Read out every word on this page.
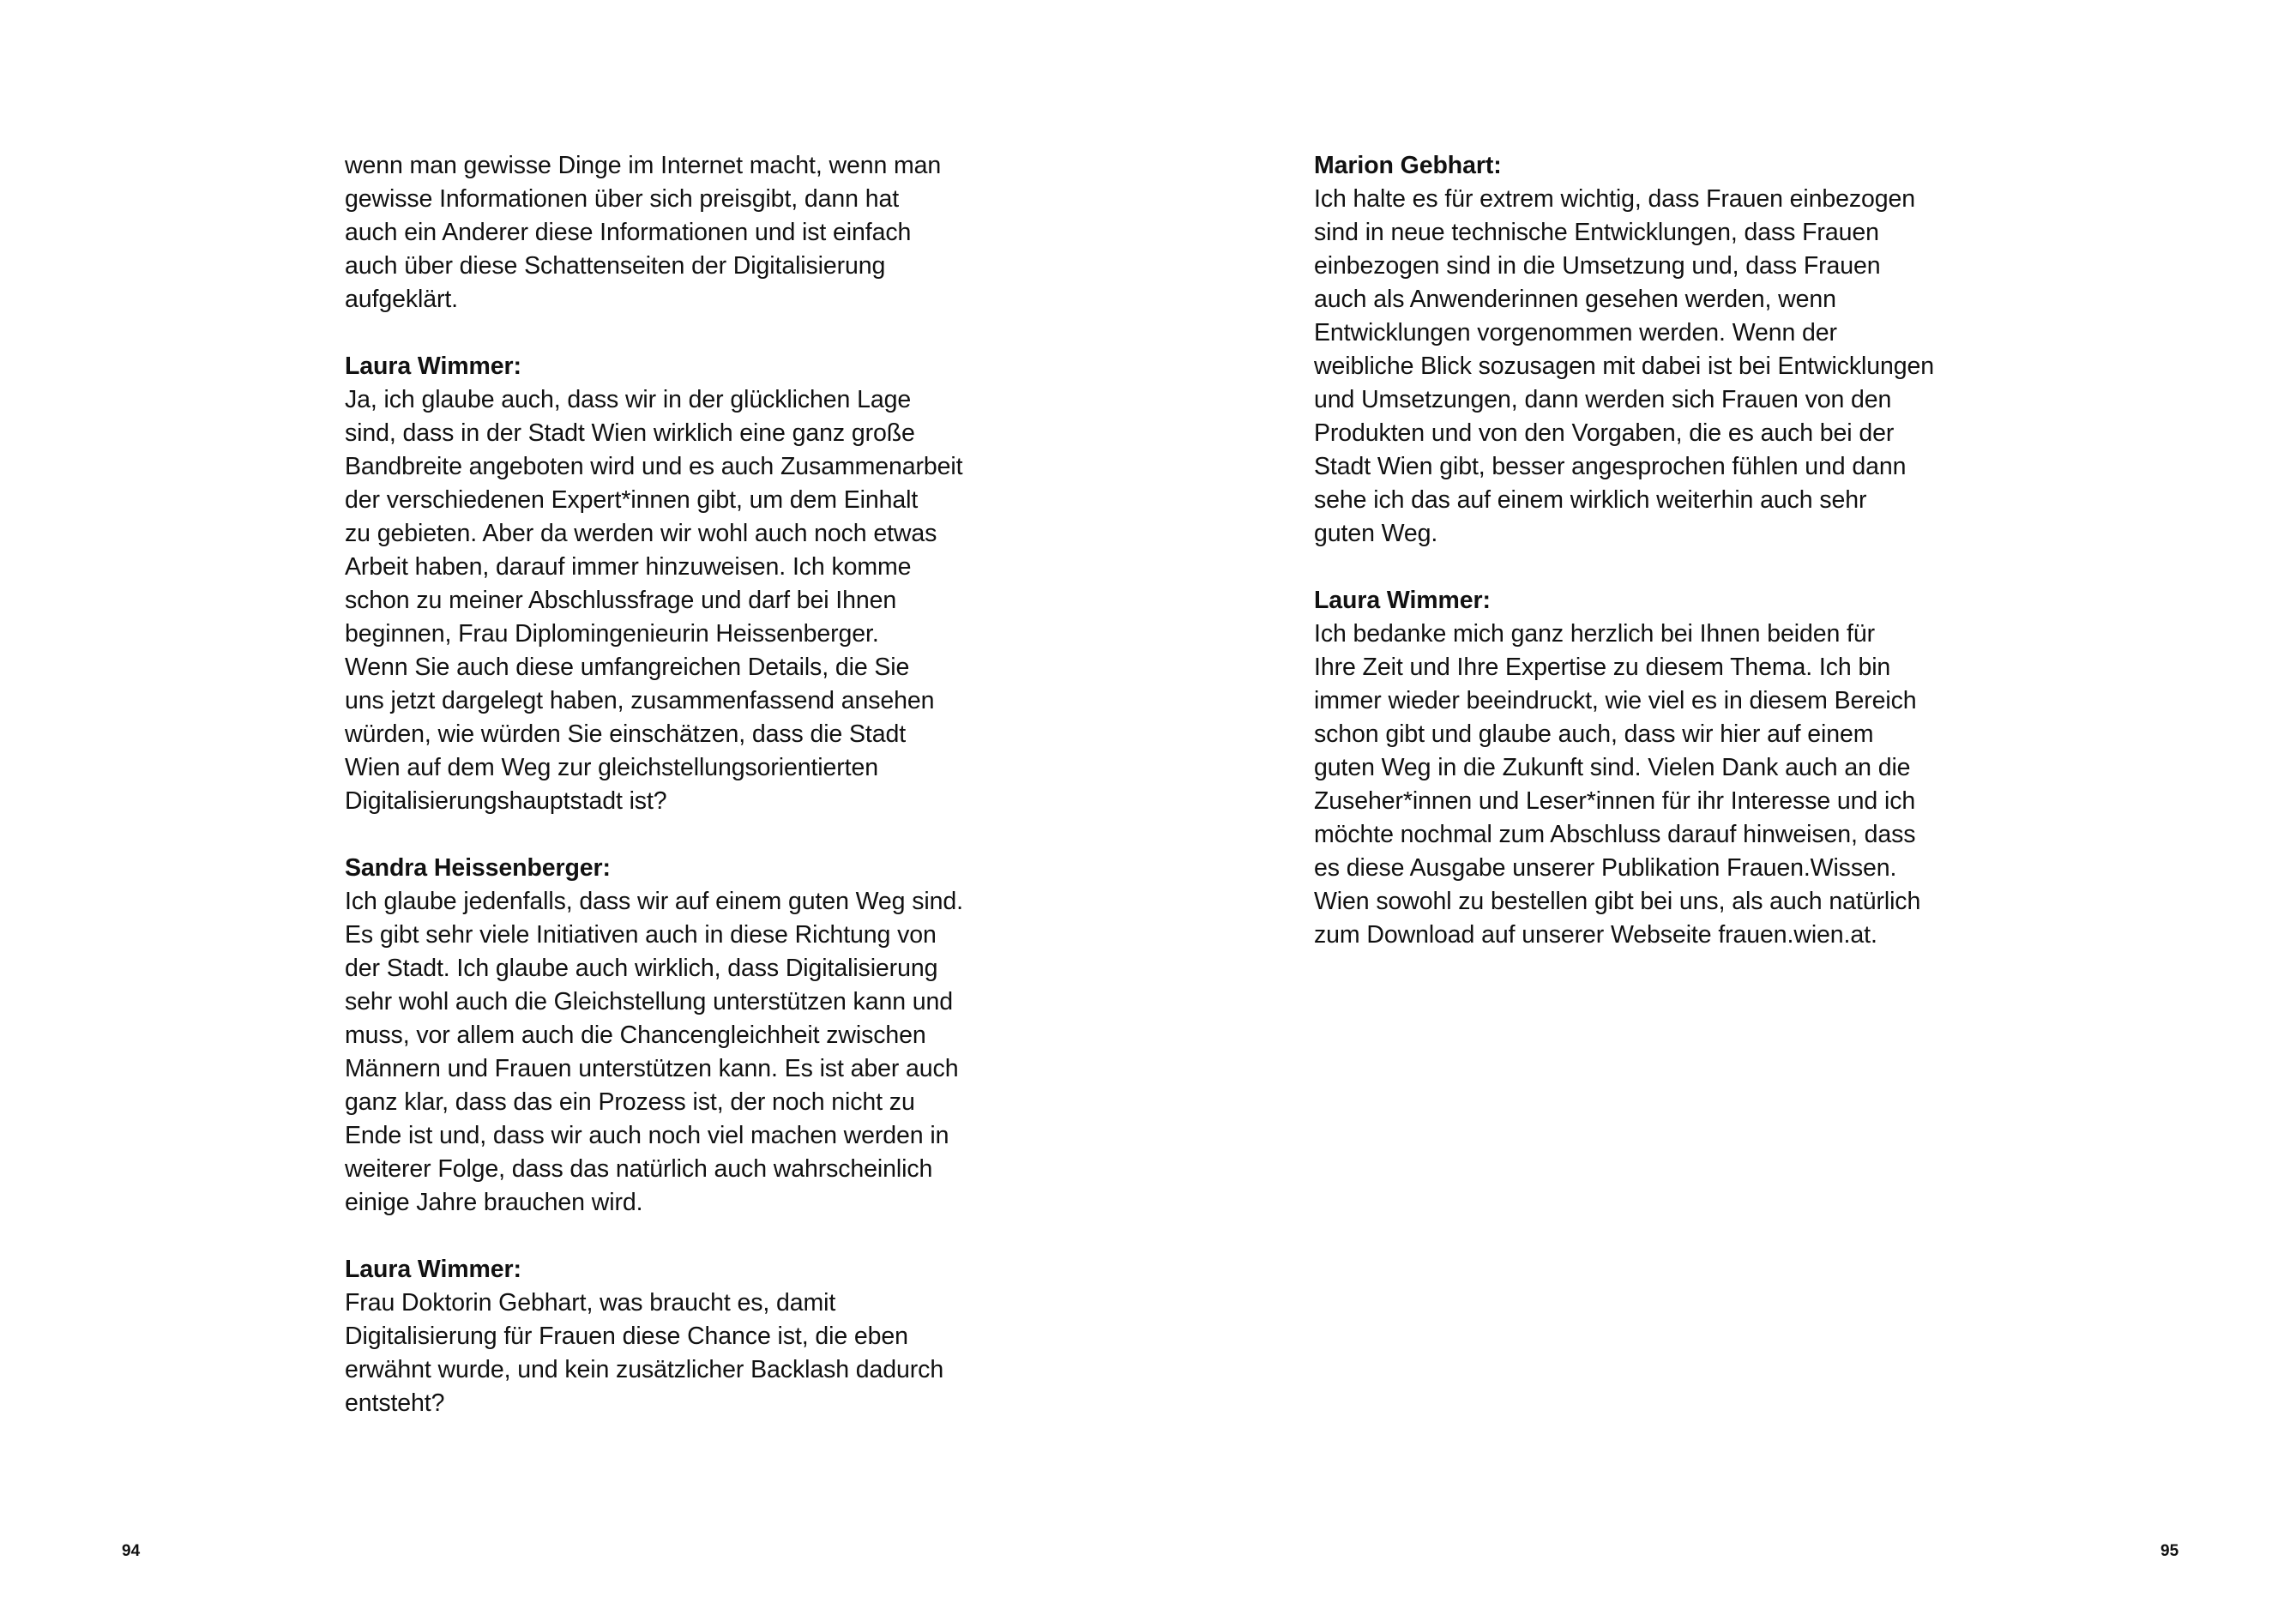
wenn man gewisse Dinge im Internet macht, wenn man
gewisse Informationen über sich preisgibt, dann hat
auch ein Anderer diese Informationen und ist einfach
auch über diese Schattenseiten der Digitalisierung
aufgeklärt.
Laura Wimmer:
Ja, ich glaube auch, dass wir in der glücklichen Lage
sind, dass in der Stadt Wien wirklich eine ganz große
Bandbreite angeboten wird und es auch Zusammenarbeit
der verschiedenen Expert*innen gibt, um dem Einhalt
zu gebieten. Aber da werden wir wohl auch noch etwas
Arbeit haben, darauf immer hinzuweisen. Ich komme
schon zu meiner Abschlussfrage und darf bei Ihnen
beginnen, Frau Diplomingenieurin Heissenberger.
Wenn Sie auch diese umfangreichen Details, die Sie
uns jetzt dargelegt haben, zusammenfassend ansehen
würden, wie würden Sie einschätzen, dass die Stadt
Wien auf dem Weg zur gleichstellungsorientierten
Digitalisierungshauptstadt ist?
Sandra Heissenberger:
Ich glaube jedenfalls, dass wir auf einem guten Weg sind.
Es gibt sehr viele Initiativen auch in diese Richtung von
der Stadt. Ich glaube auch wirklich, dass Digitalisierung
sehr wohl auch die Gleichstellung unterstützen kann und
muss, vor allem auch die Chancengleichheit zwischen
Männern und Frauen unterstützen kann. Es ist aber auch
ganz klar, dass das ein Prozess ist, der noch nicht zu
Ende ist und, dass wir auch noch viel machen werden in
weiterer Folge, dass das natürlich auch wahrscheinlich
einige Jahre brauchen wird.
Laura Wimmer:
Frau Doktorin Gebhart, was braucht es, damit
Digitalisierung für Frauen diese Chance ist, die eben
erwähnt wurde, und kein zusätzlicher Backlash dadurch
entsteht?
94
Marion Gebhart:
Ich halte es für extrem wichtig, dass Frauen einbezogen
sind in neue technische Entwicklungen, dass Frauen
einbezogen sind in die Umsetzung und, dass Frauen
auch als Anwenderinnen gesehen werden, wenn
Entwicklungen vorgenommen werden. Wenn der
weibliche Blick sozusagen mit dabei ist bei Entwicklungen
und Umsetzungen, dann werden sich Frauen von den
Produkten und von den Vorgaben, die es auch bei der
Stadt Wien gibt, besser angesprochen fühlen und dann
sehe ich das auf einem wirklich weiterhin auch sehr
guten Weg.
Laura Wimmer:
Ich bedanke mich ganz herzlich bei Ihnen beiden für
Ihre Zeit und Ihre Expertise zu diesem Thema. Ich bin
immer wieder beeindruckt, wie viel es in diesem Bereich
schon gibt und glaube auch, dass wir hier auf einem
guten Weg in die Zukunft sind. Vielen Dank auch an die
Zuseher*innen und Leser*innen für ihr Interesse und ich
möchte nochmal zum Abschluss darauf hinweisen, dass
es diese Ausgabe unserer Publikation Frauen.Wissen.
Wien sowohl zu bestellen gibt bei uns, als auch natürlich
zum Download auf unserer Webseite frauen.wien.at.
95
